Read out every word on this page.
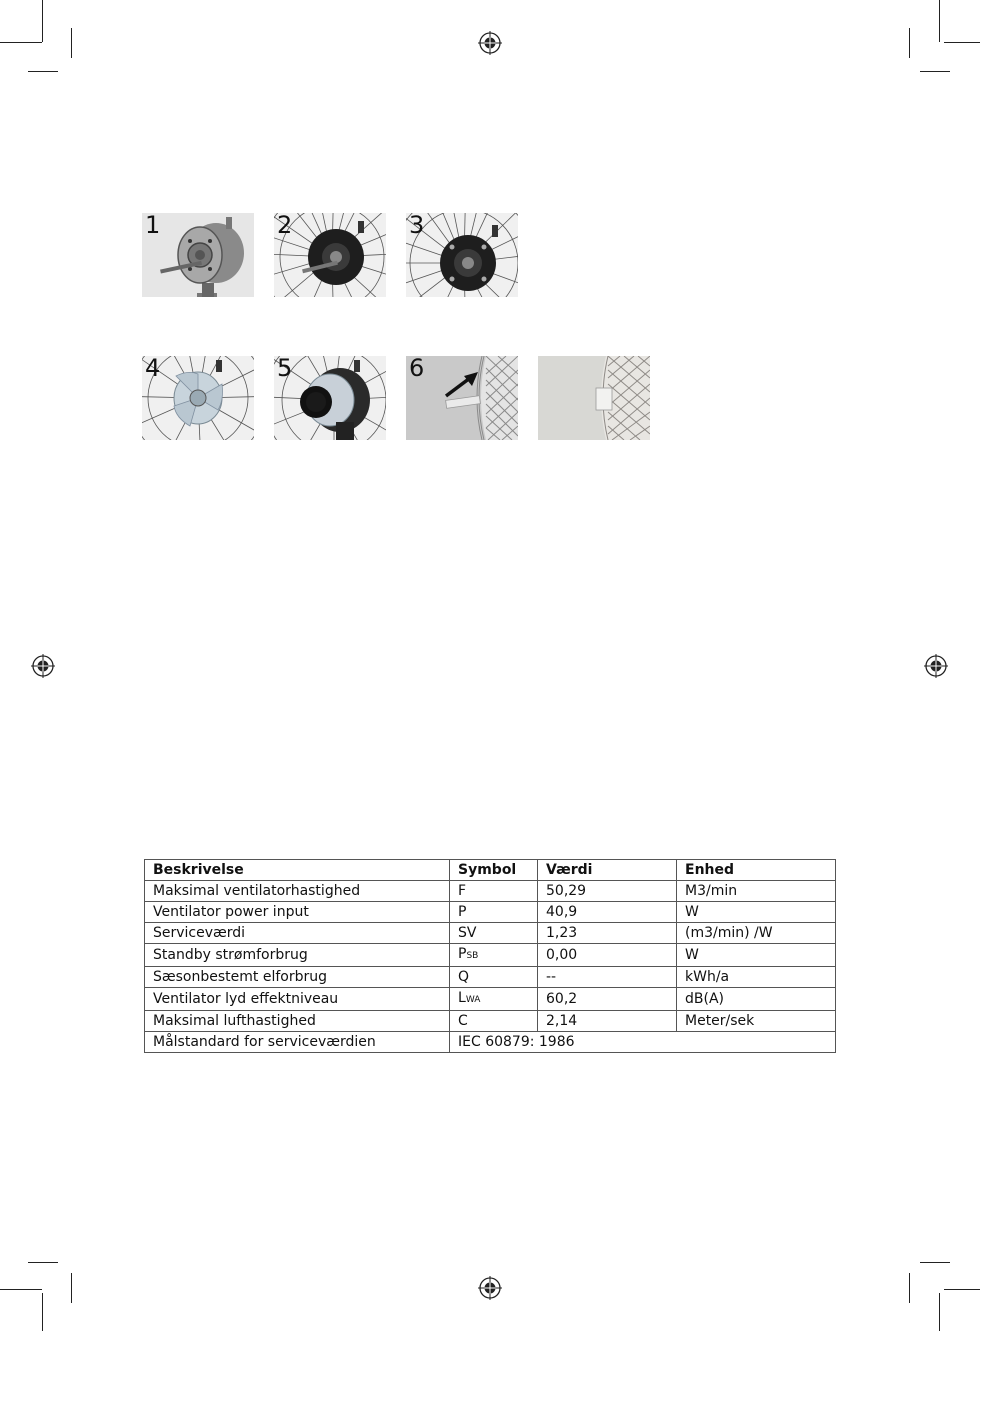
1	2	3
4	5	6
Beskrivelse	Symbol	Værdi	Enhed
Maksimal ventilatorhastighed	F	50,29	M3/min
Ventilator power input	P	40,9	W
Serviceværdi	SV	1,23	(m3/min) /W
Standby strømforbrug	PSB	0,00	W
Sæsonbestemt elforbrug	Q	--	kWh/a
Ventilator lyd effektniveau	LWA	60,2	dB(A)
Maksimal lufthastighed	C	2,14	Meter/sek
Målstandard for serviceværdien	IEC 60879: 1986		
